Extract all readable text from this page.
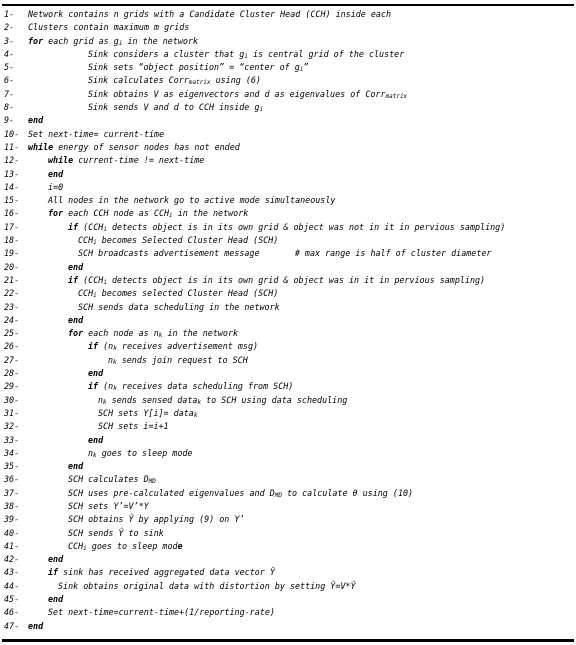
1- Network contains n grids with a Candidate Cluster Head (CCH) inside each
2- Clusters contain maximum m grids
3- for each grid as $g_i$ in the network
4-	Sink considers a cluster that $g_i$ is central grid of the cluster
5-	Sink sets “object position” = “center of $g_i$”
6-	Sink calculates Corr$_{matrix}$ using (6)
7-	Sink obtains V as eigenvectors and d as eigenvalues of Corr$_{matrix}$
8-	Sink sends V and d to CCH inside $g_i$
9- end
10- Set next-time= current-time
11- while energy of sensor nodes has not ended
12-	while current-time != next-time
13-	end
14-	i=0
15-	All nodes in the network go to active mode simultaneously
16-	for each CCH node as $CCH_i$ in the network
17-	if ($CCH_i$ detects object is in its own grid & object was not in it in pervious sampling)
18-	$CCH_i$ becomes Selected Cluster Head (SCH)
19-	SCH broadcasts advertisement message       # max range is half of cluster diameter
20-	end
21-	if ($CCH_i$ detects object is in its own grid & object was in it in pervious sampling)
22-	$CCH_i$ becomes selected Cluster Head (SCH)
23-	SCH sends data scheduling in the network
24-	end
25-	for each node as $n_k$ in the network
26-	if ($n_k$ receives advertisement msg)
27-	$n_k$ sends join request to SCH
28-	end
29-	if ($n_k$ receives data scheduling from SCH)
30-	$n_k$ sends sensed data$_k$ to SCH using data scheduling
31-	SCH sets Y[i]= data$_k$
32-	SCH sets i=i+1
33-	end
34-	$n_k$ goes to sleep mode
35-	end
36-	SCH calculates $D_{MD}$
37-	SCH uses pre-calculated eigenvalues and $D_{MD}$ to calculate θ using (10)
38-	SCH sets Y’=V’*Y
39-	SCH obtains Ŷ by applying (9) on Y’
40-	SCH sends Ŷ to sink
41-	$CCH_i$ goes to sleep mode
42-	end
43-	if sink has received aggregated data vector Ŷ
44-	Sink obtains original data with distortion by setting Ŷ=V*Ŷ
45-	end
46-	Set next-time=current-time+(1/reporting-rate)
47- end
